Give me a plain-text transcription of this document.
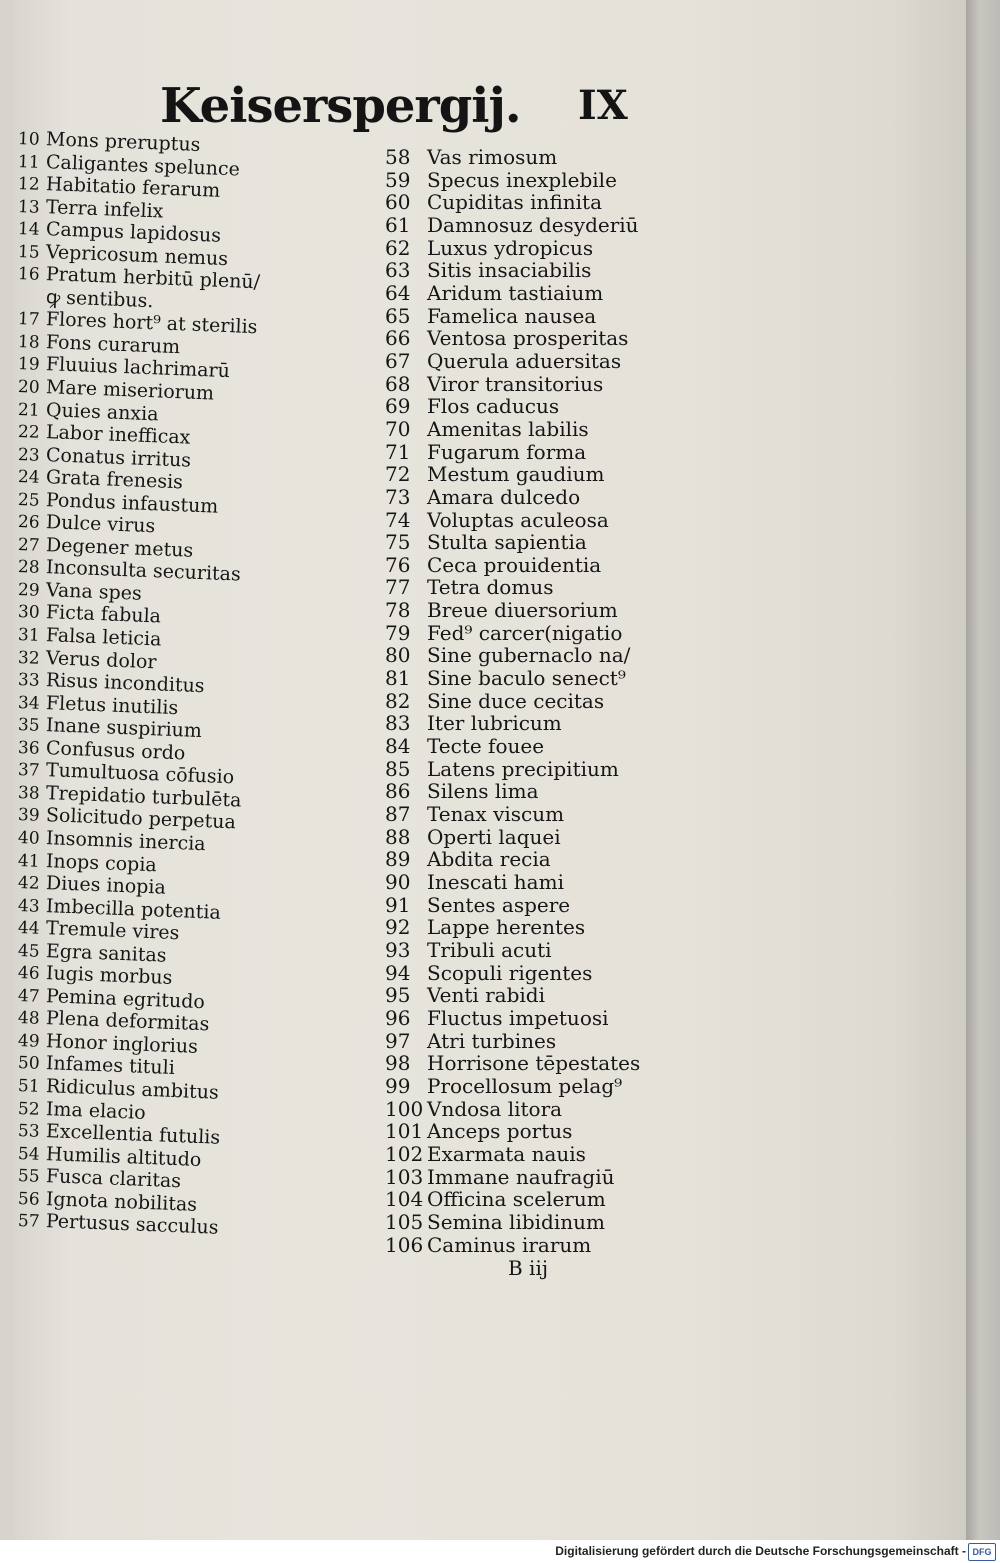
Keiserspergij. IX
10 Mons preruptus
11 Caligantes spelunce
12 Habitatio ferarum
13 Terra infelix
14 Campus lapidosus
15 Vepricosum nemus
16 Pratum herbitū plenū/
ꝙ sentibus.
17 Flores hort⁹ at sterilis
18 Fons curarum
19 Fluuius lachrimarū
20 Mare miseriorum
21 Quies anxia
22 Labor inefficax
23 Conatus irritus
24 Grata frenesis
25 Pondus infaustum
26 Dulce virus
27 Degener metus
28 Inconsulta securitas
29 Vana spes
30 Ficta fabula
31 Falsa leticia
32 Verus dolor
33 Risus inconditus
34 Fletus inutilis
35 Inane suspirium
36 Confusus ordo
37 Tumultuosa cōfusio
38 Trepidatio turbulēta
39 Solicitudo perpetua
40 Insomnis inercia
41 Inops copia
42 Diues inopia
43 Imbecilla potentia
44 Tremule vires
45 Egra sanitas
46 Iugis morbus
47 Pemina egritudo
48 Plena deformitas
49 Honor inglorius
50 Infames tituli
51 Ridiculus ambitus
52 Ima elacio
53 Excellentia futulis
54 Humilis altitudo
55 Fusca claritas
56 Ignota nobilitas
57 Pertusus sacculus
58 Vas rimosum
59 Specus inexplebile
60 Cupiditas infinita
61 Damnosuz desyderiū
62 Luxus ydropicus
63 Sitis insaciabilis
64 Aridum tastiaium
65 Famelica nausea
66 Ventosa prosperitas
67 Querula aduersitas
68 Viror transitorius
69 Flos caducus
70 Amenitas labilis
71 Fugarum forma
72 Mestum gaudium
73 Amara dulcedo
74 Voluptas aculeosa
75 Stulta sapientia
76 Ceca prouidentia
77 Tetra domus
78 Breue diuersorium
79 Fed⁹ carcer(nigatio
80 Sine gubernaclo na/
81 Sine baculo senect⁹
82 Sine duce cecitas
83 Iter lubricum
84 Tecte fouee
85 Latens precipitium
86 Silens lima
87 Tenax viscum
88 Operti laquei
89 Abdita recia
90 Inescati hami
91 Sentes aspere
92 Lappe herentes
93 Tribuli acuti
94 Scopuli rigentes
95 Venti rabidi
96 Fluctus impetuosi
97 Atri turbines
98 Horrisone tēpestates
99 Procellosum pelag⁹
100 Vndosa litora
101 Anceps portus
102 Exarmata nauis
103 Immane naufragiū
104 Officina scelerum
105 Semina libidinum
106 Caminus irarum
B iij
Digitalisierung gefördert durch die Deutsche Forschungsgemeinschaft - DFG
